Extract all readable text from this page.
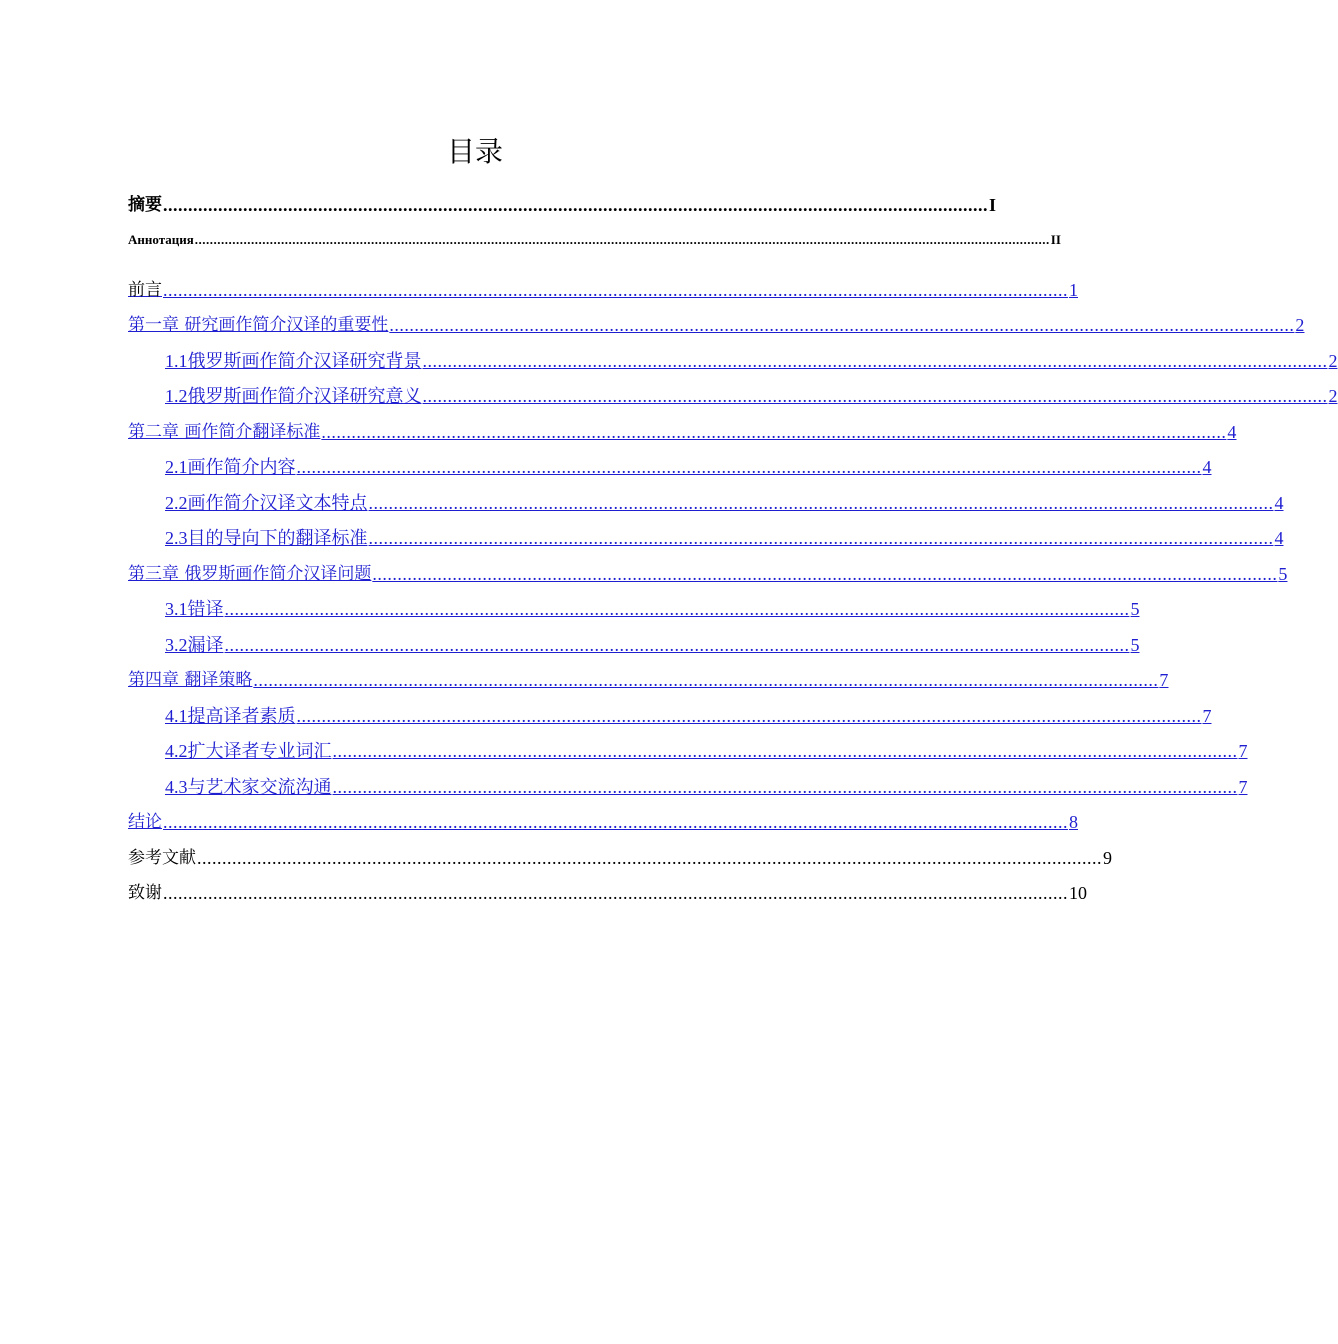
目录
摘要 ..................................................................................................................................................................... I
Аннотация .................................................................................................................................................................................................................................... II
前言 ..................................................................................................................................................................................... 1
第一章 研究画作简介汉译的重要性 ..................................................................................................................................................................................... 2
1.1 俄罗斯画作简介汉译研究背景 ..................................................................................................................................................................................... 2
1.2 俄罗斯画作简介汉译研究意义 ..................................................................................................................................................................................... 2
第二章 画作简介翻译标准 ..................................................................................................................................................................................... 4
2.1 画作简介内容 ..................................................................................................................................................................................... 4
2.2 画作简介汉译文本特点 ..................................................................................................................................................................................... 4
2.3 目的导向下的翻译标准 ..................................................................................................................................................................................... 4
第三章 俄罗斯画作简介汉译问题 ..................................................................................................................................................................................... 5
3.1 错译 ..................................................................................................................................................................................... 5
3.2 漏译 ..................................................................................................................................................................................... 5
第四章 翻译策略 ..................................................................................................................................................................................... 7
4.1 提高译者素质 ..................................................................................................................................................................................... 7
4.2 扩大译者专业词汇 ..................................................................................................................................................................................... 7
4.3 与艺术家交流沟通 ..................................................................................................................................................................................... 7
结论 ..................................................................................................................................................................................... 8
参考文献 ..................................................................................................................................................................................... 9
致谢 ..................................................................................................................................................................................... 10
